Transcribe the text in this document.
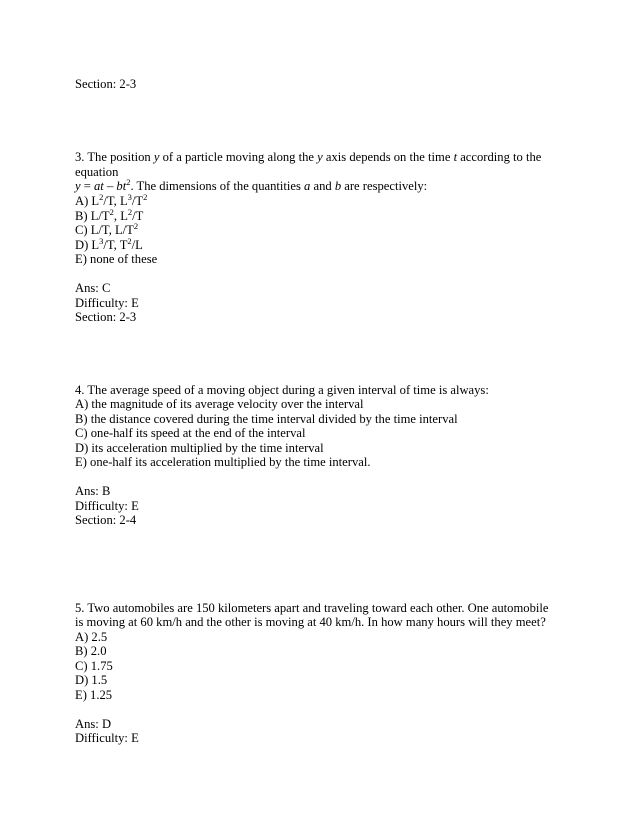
Section: 2-3
3. The position y of a particle moving along the y axis depends on the time t according to the
equation
y = at – $bt^2$. The dimensions of the quantities a and b are respectively:
A) $L^2/T$, $L^3/T^2$
B) $L/T^2$, $L^2/T$
C) L/T, $L/T^2$
D) $L^3/T$, $T^2/L$
E) none of these
Ans: C
Difficulty: E
Section: 2-3
4. The average speed of a moving object during a given interval of time is always:
A) the magnitude of its average velocity over the interval
B) the distance covered during the time interval divided by the time interval
C) one-half its speed at the end of the interval
D) its acceleration multiplied by the time interval
E) one-half its acceleration multiplied by the time interval.
Ans: B
Difficulty: E
Section: 2-4
5. Two automobiles are 150 kilometers apart and traveling toward each other. One automobile
is moving at 60 km/h and the other is moving at 40 km/h. In how many hours will they meet?
A) 2.5
B) 2.0
C) 1.75
D) 1.5
E) 1.25
Ans: D
Difficulty: E
